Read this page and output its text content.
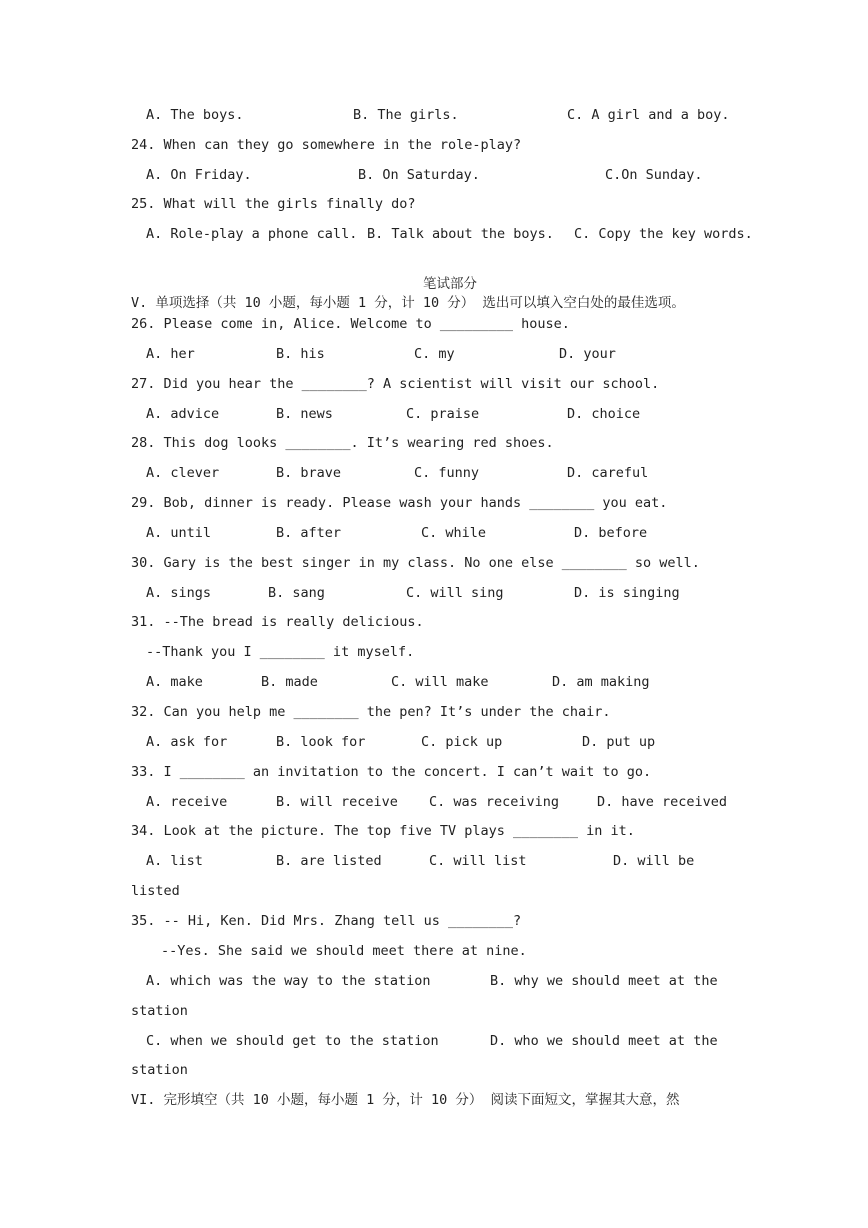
A. The boys.	B. The girls.	C. A girl and a boy.
24. When can they go somewhere in the role-play?
A. On Friday.	B. On Saturday.	C.On Sunday.
25. What will the girls finally do?
A. Role-play a phone call. B. Talk about the boys. C. Copy the key words.
笔试部分
V. 单项选择（共 10 小题，每小题 1 分，计 10 分） 选出可以填入空白处的最佳选项。
26. Please come in, Alice. Welcome to _________ house.
A. her	B. his	C. my	D. your
27. Did you hear the ________? A scientist will visit our school.
A. advice	B. news	C. praise	D. choice
28. This dog looks ________. It’s wearing red shoes.
A. clever	B. brave	C. funny	D. careful
29. Bob, dinner is ready. Please wash your hands ________ you eat.
A. until	B. after	C. while	D. before
30. Gary is the best singer in my class. No one else ________ so well.
A. sings	B. sang	C. will sing	D. is singing
31. --The bread is really delicious.
--Thank you I ________ it myself.
A. make	B. made	C. will make	D. am making
32. Can you help me ________ the pen? It’s under the chair.
A. ask for	B. look for	C. pick up	D. put up
33. I ________ an invitation to the concert. I can’t wait to go.
A. receive	B. will receive C. was receiving	D. have received
34. Look at the picture. The top five TV plays ________ in it.
A. list	B. are listed	C. will list	D. will be
listed
35. -- Hi, Ken. Did Mrs. Zhang tell us ________?
--Yes. She said we should meet there at nine.
A. which was the way to the station	B. why we should meet at the
station
C. when we should get to the station	D. who we should meet at the
station
VI. 完形填空（共 10 小题，每小题 1 分，计 10 分） 阅读下面短文，掌握其大意，然
